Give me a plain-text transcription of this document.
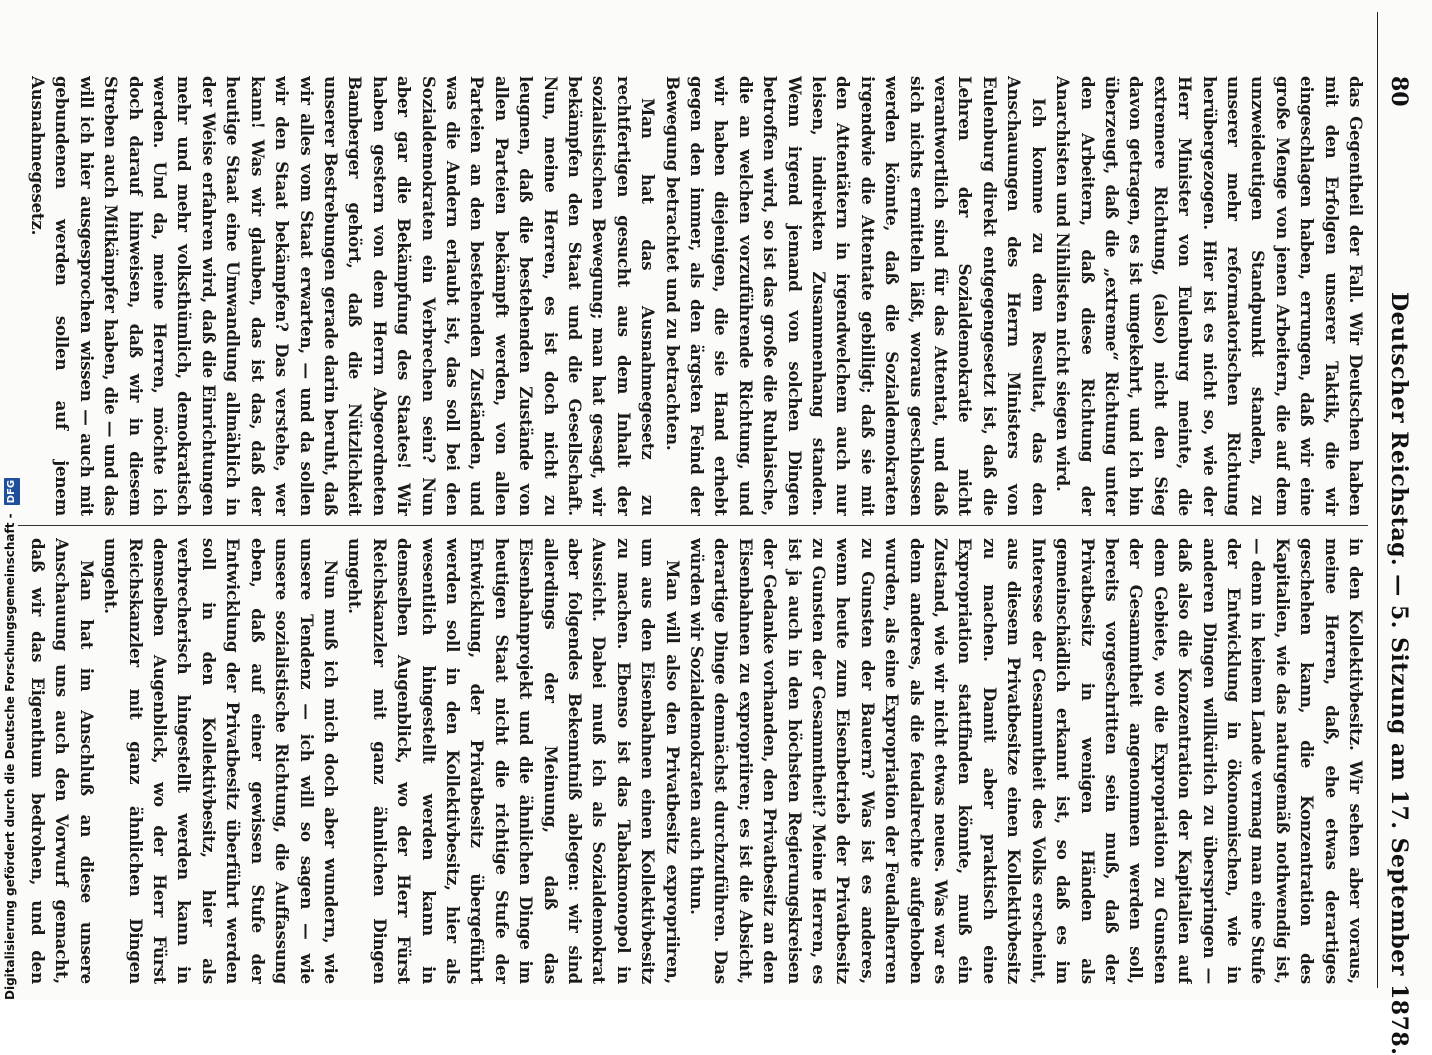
80
Deutscher Reichstag. — 5. Sitzung am 17. September 1878.

das Gegentheil der Fall. Wir Deutschen haben mit den Erfolgen unserer Taktik, die wir eingeschlagen haben, errungen, daß wir eine große Menge von jenen Arbeitern, die auf dem unzweideutigen Standpunkt standen, zu unserer mehr reformatorischen Richtung herübergezogen. Hier ist es nicht so, wie der Herr Minister von Eulenburg meinte, die extremere Richtung, (also) nicht den Sieg davon getragen, es ist umgekehrt, und ich bin überzeugt, daß die „extreme“ Richtung unter den Arbeitern, daß diese Richtung der Anarchisten und Nihilisten nicht siegen wird.

Ich komme zu dem Resultat, das den Anschauungen des Herrn Ministers von Eulenburg direkt entgegengesetzt ist, daß die Lehren der Sozialdemokratie nicht verantwortlich sind für das Attentat, und daß sich nichts ermitteln läßt, woraus geschlossen werden könnte, daß die Sozialdemokraten irgendwie die Attentate gebilligt; daß sie mit den Attentätern in irgendwelchem auch nur leisen, indirekten Zusammenhang standen. Wenn irgend jemand von solchen Dingen betroffen wird, so ist das große die Ruhlaische, die an welchen vorzuführende Richtung, und wir haben diejenigen, die sie Hand erhebt gegen den immer, als den ärgsten Feind der Bewegung betrachtet und zu betrachten.

Man hat das Ausnahmegesetz zu rechtfertigen gesucht aus dem Inhalt der sozialistischen Bewegung; man hat gesagt, wir bekämpfen den Staat und die Gesellschaft. Nun, meine Herren, es ist doch nicht zu leugnen, daß die bestehenden Zustände von allen Parteien bekämpft werden, von allen Parteien an den bestehenden Zuständen, und was die Andern erlaubt ist, das soll bei den Sozialdemokraten ein Verbrechen sein? Nun aber gar die Bekämpfung des Staates! Wir haben gestern von dem Herrn Abgeordneten Bamberger gehört, daß die Nützlichkeit unserer Bestrebungen gerade darin beruht, daß wir alles vom Staat erwarten, — und da sollen wir den Staat bekämpfen? Das verstehe, wer kann! Was wir glauben, das ist das, daß der heutige Staat eine Umwandlung allmählich in der Weise erfahren wird, daß die Einrichtungen mehr und mehr volksthümlich, demokratisch werden. Und da, meine Herren, möchte ich doch darauf hinweisen, daß wir in diesem Streben auch Mitkämpfer haben, die — und das will ich hier ausgesprochen wissen — auch mit gebundenen werden sollen auf jenem Ausnahmegesetz.

in den Kollektivbesitz. Wir sehen aber voraus, meine Herren, daß, ehe etwas derartiges geschehen kann, die Konzentration des Kapitalien, wie das naturgemäß nothwendig ist, — denn in keinem Lande vermag man eine Stufe der Entwicklung in ökonomischen, wie in anderen Dingen willkürlich zu überspringen — daß also die Konzentration der Kapitalien auf dem Gebiete, wo die Expropriation zu Gunsten der Gesammtheit angenommen werden soll, bereits vorgeschritten sein muß, daß der Privatbesitz in wenigen Händen als gemeinschädlich erkannt ist, so daß es im Interesse der Gesammtheit des Volks erscheint, aus diesem Privatbesitze einen Kollektivbesitz zu machen. Damit aber praktisch eine Expropriation stattfinden könnte, muß ein Zustand, wie wir nicht etwas neues. Was war es denn anderes, als die feudalrechte aufgehoben wurden, als eine Expropriation der Feudalherren zu Gunsten der Bauern? Was ist es anderes, wenn heute zum Eisenbetrieb der Privatbesitz zu Gunsten der Gesammtheit? Meine Herren, es ist ja auch in den höchsten Regierungskreisen der Gedanke vorhanden, den Privatbesitz an den Eisenbahnen zu expropriiren; es ist die Absicht, derartige Dinge demnächst durchzuführen. Das würden wir Sozialdemokraten auch thun.

Man will also den Privatbesitz expropriiren, um aus den Eisenbahnen einen Kollektivbesitz zu machen. Ebenso ist das Tabakmonopol in Aussicht. Dabei muß ich als Sozialdemokrat aber folgendes Bekenntniß ablegen: wir sind allerdings der Meinung, daß das Eisenbahnprojekt und die ähnlichen Dinge im heutigen Staat nicht die richtige Stufe der Entwicklung, der Privatbesitz übergeführt werden soll in den Kollektivbesitz, hier als wesentlich hingestellt werden kann in demselben Augenblick, wo der Herr Fürst Reichskanzler mit ganz ähnlichen Dingen umgeht.

Nun muß ich mich doch aber wundern, wie unsere Tendenz — ich will so sagen — wie unsere sozialistische Richtung, die Auffassung eben, daß auf einer gewissen Stufe der Entwicklung der Privatbesitz überführt werden soll in den Kollektivbesitz, hier als verbrecherisch hingestellt werden kann in demselben Augenblick, wo der Herr Fürst Reichskanzler mit ganz ähnlichen Dingen umgeht.

Man hat im Anschluß an diese unsere Anschauung uns auch den Vorwurf gemacht, daß wir das Eigenthum bedrohen, und den

Digitalisierung gefördert durch die Deutsche Forschungsgemeinschaft - DFG
